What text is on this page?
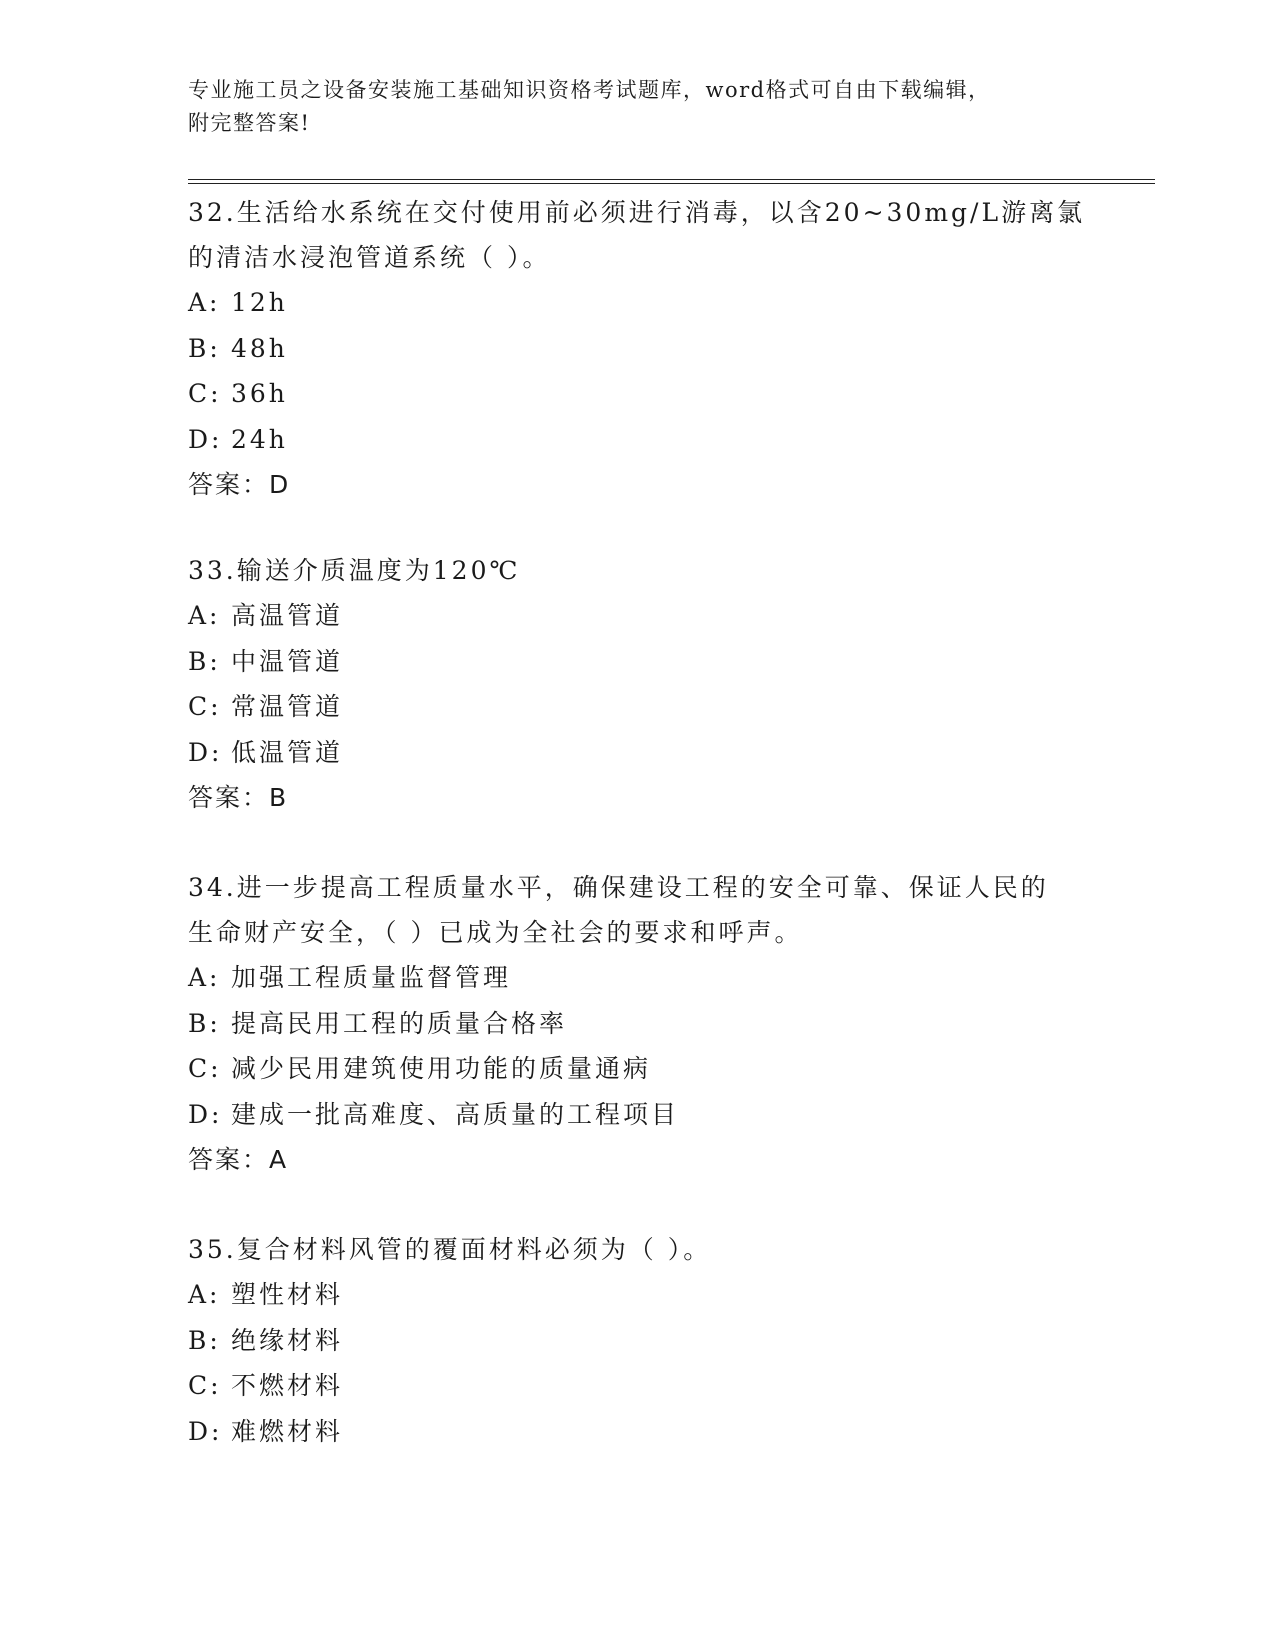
专业施工员之设备安装施工基础知识资格考试题库，word格式可自由下载编辑，
附完整答案!
32.生活给水系统在交付使用前必须进行消毒，以含20~30mg/L游离氯
的清洁水浸泡管道系统（ ）。
A: 12h
B: 48h
C: 36h
D: 24h
答案：D
33.输送介质温度为120℃
A: 高温管道
B: 中温管道
C: 常温管道
D: 低温管道
答案：B
34.进一步提高工程质量水平，确保建设工程的安全可靠、保证人民的
生命财产安全，（ ）已成为全社会的要求和呼声。
A: 加强工程质量监督管理
B: 提高民用工程的质量合格率
C: 减少民用建筑使用功能的质量通病
D: 建成一批高难度、高质量的工程项目
答案：A
35.复合材料风管的覆面材料必须为（ ）。
A: 塑性材料
B: 绝缘材料
C: 不燃材料
D: 难燃材料
